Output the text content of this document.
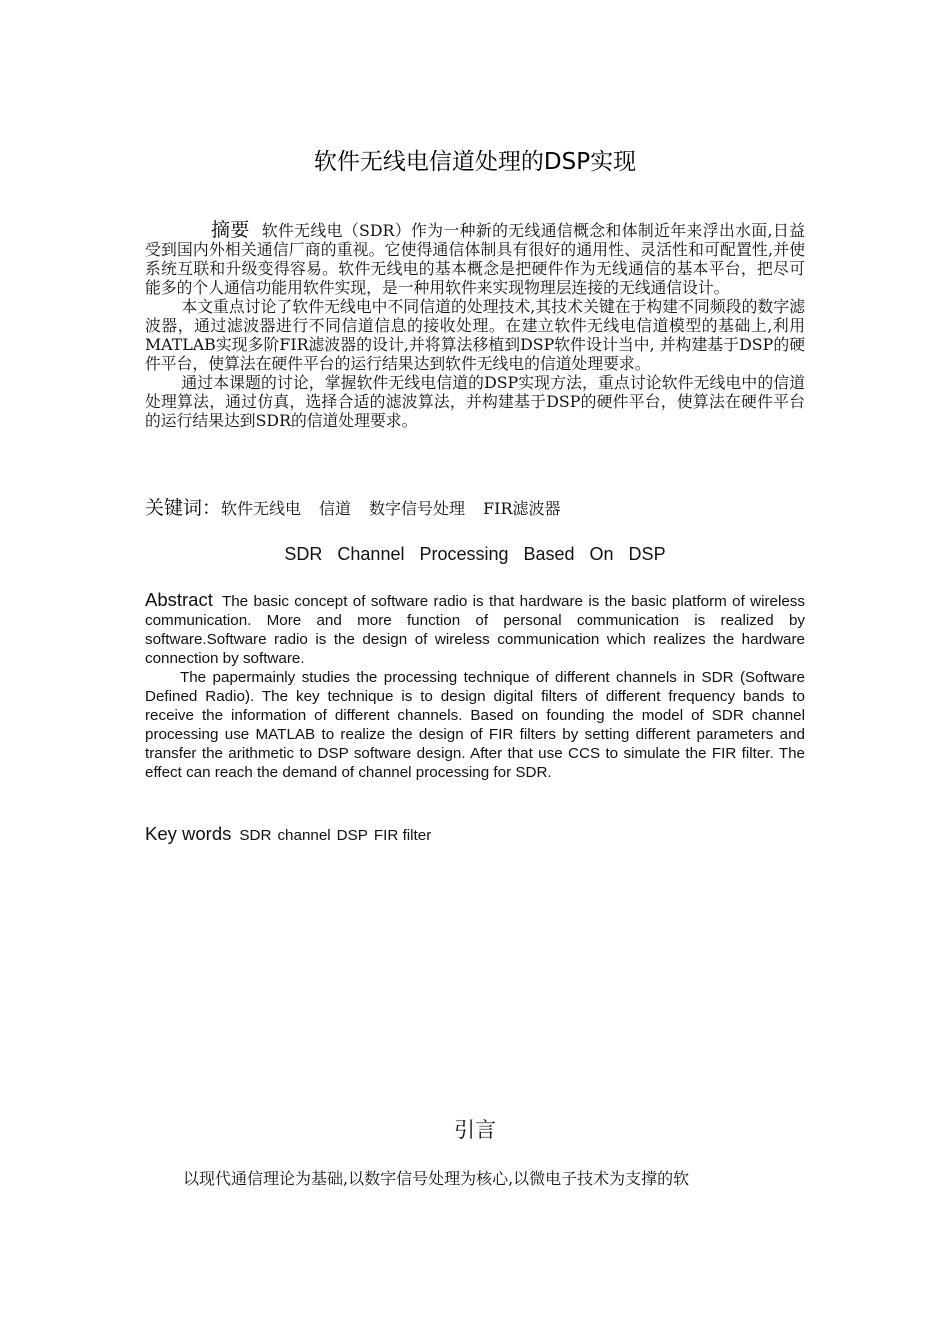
软件无线电信道处理的DSP实现

摘要 软件无线电（SDR）作为一种新的无线通信概念和体制近年来浮出水面,日益受到国内外相关通信厂商的重视。它使得通信体制具有很好的通用性、灵活性和可配置性,并使系统互联和升级变得容易。软件无线电的基本概念是把硬件作为无线通信的基本平台，把尽可能多的个人通信功能用软件实现，是一种用软件来实现物理层连接的无线通信设计。

本文重点讨论了软件无线电中不同信道的处理技术,其技术关键在于构建不同频段的数字滤波器，通过滤波器进行不同信道信息的接收处理。在建立软件无线电信道模型的基础上,利用MATLAB实现多阶FIR滤波器的设计,并将算法移植到DSP软件设计当中, 并构建基于DSP的硬件平台，使算法在硬件平台的运行结果达到软件无线电的信道处理要求。

通过本课题的讨论，掌握软件无线电信道的DSP实现方法，重点讨论软件无线电中的信道处理算法，通过仿真，选择合适的滤波算法，并构建基于DSP的硬件平台，使算法在硬件平台的运行结果达到SDR的信道处理要求。

关键词：软件无线电 信道 数字信号处理 FIR滤波器
SDR Channel Processing Based On DSP

Abstract The basic concept of software radio is that hardware is the basic platform of wireless communication. More and more function of personal communication is realized by software.Software radio is the design of wireless communication which realizes the hardware connection by software.

The papermainly studies the processing technique of different channels in SDR (Software Defined Radio). The key technique is to design digital filters of different frequency bands to receive the information of different channels. Based on founding the model of SDR channel processing use MATLAB to realize the design of FIR filters by setting different parameters and transfer the arithmetic to DSP software design. After that use CCS to simulate the FIR filter. The effect can reach the demand of channel processing for SDR.

Key words SDR channel DSP FIR filter
引言

以现代通信理论为基础,以数字信号处理为核心,以微电子技术为支撑的软
